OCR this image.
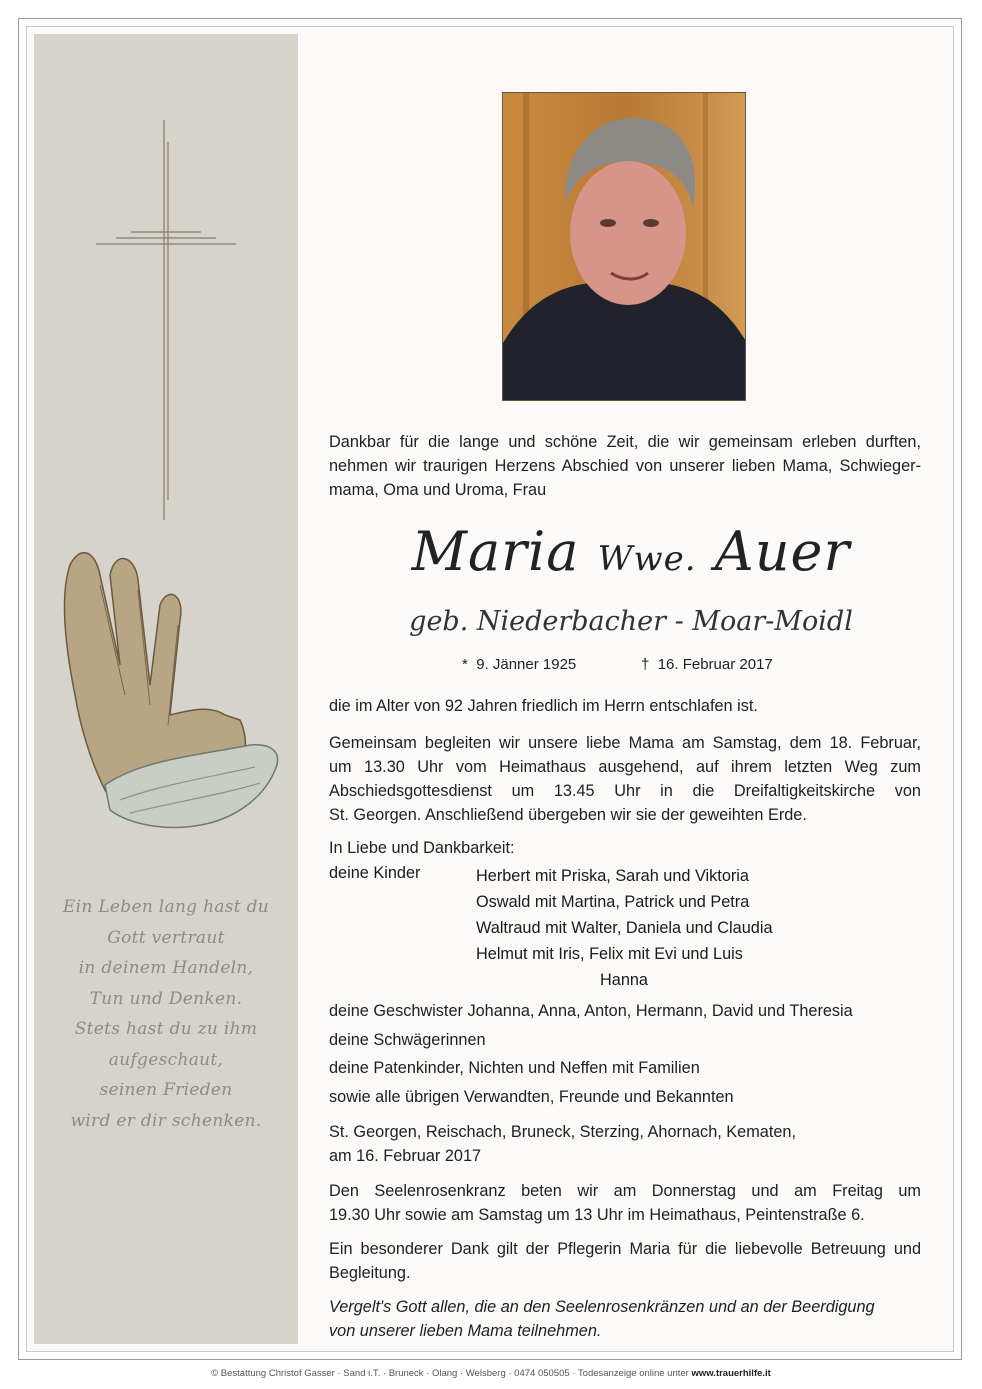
Ein Leben lang hast du
Gott vertraut
in deinem Handeln,
Tun und Denken.
Stets hast du zu ihm
aufgeschaut,
seinen Frieden
wird er dir schenken.
Dankbar für die lange und schöne Zeit, die wir gemeinsam erleben durften,
nehmen wir traurigen Herzens Abschied von unserer lieben Mama, Schwieger-
mama, Oma und Uroma, Frau
Maria Wwe. Auer
geb. Niederbacher - Moar-Moidl
* 9. Jänner 1925	† 16. Februar 2017
die im Alter von 92 Jahren friedlich im Herrn entschlafen ist.
Gemeinsam begleiten wir unsere liebe Mama am Samstag, dem 18. Februar,
um 13.30 Uhr vom Heimathaus ausgehend, auf ihrem letzten Weg zum
Abschiedsgottesdienst um 13.45 Uhr in die Dreifaltigkeitskirche von
St. Georgen. Anschließend übergeben wir sie der geweihten Erde.
In Liebe und Dankbarkeit:
deine Kinder	Herbert mit Priska, Sarah und Viktoria
Oswald mit Martina, Patrick und Petra
Waltraud mit Walter, Daniela und Claudia
Helmut mit Iris, Felix mit Evi und Luis
Hanna
deine Geschwister Johanna, Anna, Anton, Hermann, David und Theresia
deine Schwägerinnen
deine Patenkinder, Nichten und Neffen mit Familien
sowie alle übrigen Verwandten, Freunde und Bekannten
St. Georgen, Reischach, Bruneck, Sterzing, Ahornach, Kematen,
am 16. Februar 2017
Den Seelenrosenkranz beten wir am Donnerstag und am Freitag um
19.30 Uhr sowie am Samstag um 13 Uhr im Heimathaus, Peintenstraße 6.
Ein besonderer Dank gilt der Pflegerin Maria für die liebevolle Betreuung und
Begleitung.
Vergelt's Gott allen, die an den Seelenrosenkränzen und an der Beerdigung
von unserer lieben Mama teilnehmen.
© Bestattung Christof Gasser · Sand i.T. · Bruneck · Olang · Welsberg · 0474 050505 · Todesanzeige online unter www.trauerhilfe.it
